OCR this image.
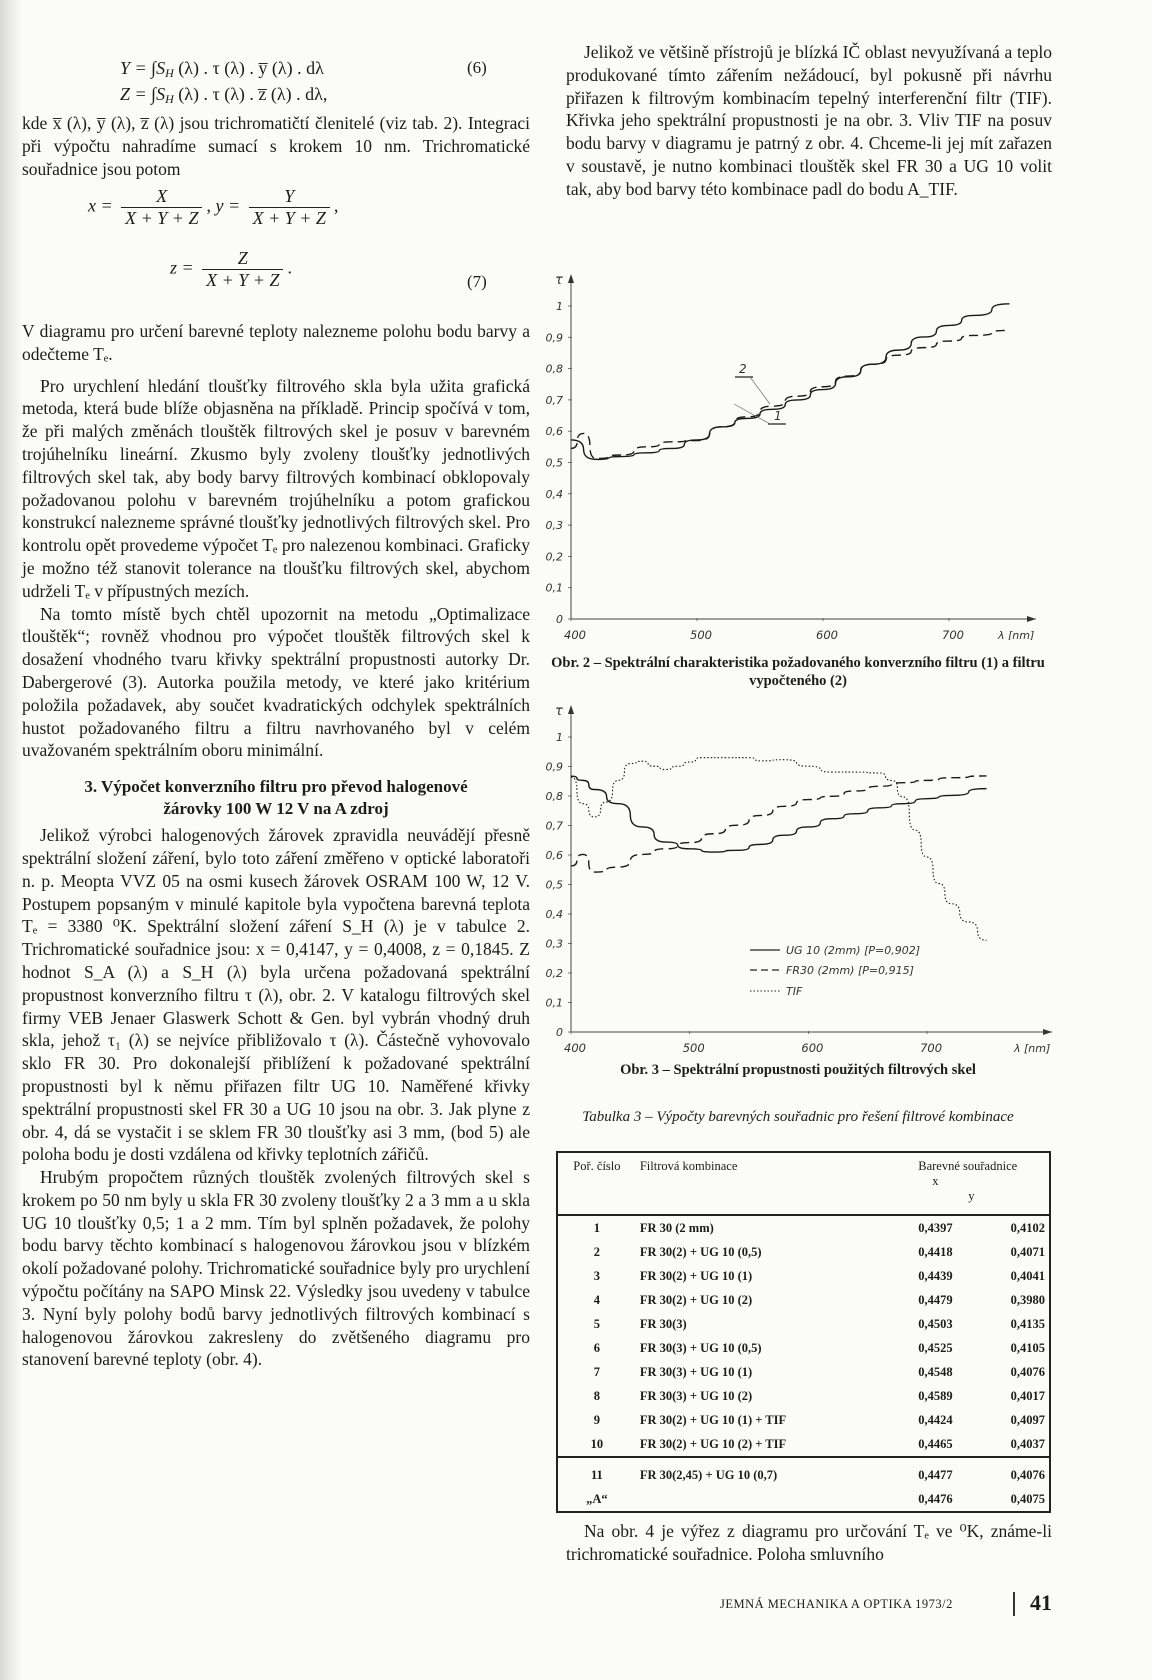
Y = ∫SH (λ) . τ (λ) . y̅ (λ) . dλ	(6)
Z = ∫SH (λ) . τ (λ) . z̅ (λ) . dλ,

kde x̅ (λ), y̅ (λ), z̅ (λ) jsou trichromatičtí členitelé (viz tab. 2). Integraci při výpočtu nahradíme sumací s krokem 10 nm. Trichromatické souřadnice jsou potom

$x = \frac{X}{X + Y + Z}$ , $y = \frac{Y}{X + Y + Z}$ ,
$z = \frac{Z}{X + Y + Z}$ .
(7)

V diagramu pro určení barevné teploty nalezneme polohu bodu barvy a odečteme Tₑ.

Pro urychlení hledání tloušťky filtrového skla byla užita grafická metoda, která bude blíže objasněna na příkladě. Princip spočívá v tom, že při malých změnách tlouštěk filtrových skel je posuv v barevném trojúhelníku lineární. Zkusmo byly zvoleny tloušťky jednotlivých filtrových skel tak, aby body barvy filtrových kombinací obklopovaly požadovanou polohu v barevném trojúhelníku a potom grafickou konstrukcí nalezneme správné tloušťky jednotlivých filtrových skel. Pro kontrolu opět provedeme výpočet Tₑ pro nalezenou kombinaci. Graficky je možno též stanovit tolerance na tloušťku filtrových skel, abychom udrželi Tₑ v přípustných mezích.

Na tomto místě bych chtěl upozornit na metodu „Optimalizace tlouštěk“; rovněž vhodnou pro výpočet tlouštěk filtrových skel k dosažení vhodného tvaru křivky spektrální propustnosti autorky Dr. Dabergerové (3). Autorka použila metody, ve které jako kritérium položila požadavek, aby součet kvadratických odchylek spektrálních hustot požadovaného filtru a filtru navrhovaného byl v celém uvažovaném spektrálním oboru minimální.

3. Výpočet konverzního filtru pro převod halogenové
žárovky 100 W 12 V na A zdroj

Jelikož výrobci halogenových žárovek zpravidla neuvádějí přesně spektrální složení záření, bylo toto záření změřeno v optické laboratoři n. p. Meopta VVZ 05 na osmi kusech žárovek OSRAM 100 W, 12 V. Postupem popsaným v minulé kapitole byla vypočtena barevná teplota Tₑ = 3380 ⁰K. Spektrální složení záření S_H (λ) je v tabulce 2. Trichromatické souřadnice jsou: x = 0,4147, y = 0,4008, z = 0,1845. Z hodnot S_A (λ) a S_H (λ) byla určena požadovaná spektrální propustnost konverzního filtru τ (λ), obr. 2. V katalogu filtrových skel firmy VEB Jenaer Glaswerk Schott & Gen. byl vybrán vhodný druh skla, jehož τ₁ (λ) se nejvíce přibližovalo τ (λ). Částečně vyhovovalo sklo FR 30. Pro dokonalejší přiblížení k požadované spektrální propustnosti byl k němu přiřazen filtr UG 10. Naměřené křivky spektrální propustnosti skel FR 30 a UG 10 jsou na obr. 3. Jak plyne z obr. 4, dá se vystačit i se sklem FR 30 tloušťky asi 3 mm, (bod 5) ale poloha bodu je dosti vzdálena od křivky teplotních zářičů.

Hrubým propočtem různých tlouštěk zvolených filtrových skel s krokem po 50 nm byly u skla FR 30 zvoleny tloušťky 2 a 3 mm a u skla UG 10 tloušťky 0,5; 1 a 2 mm. Tím byl splněn požadavek, že polohy bodu barvy těchto kombinací s halogenovou žárovkou jsou v blízkém okolí požadované polohy. Trichromatické souřadnice byly pro urychlení výpočtu počítány na SAPO Minsk 22. Výsledky jsou uvedeny v tabulce 3. Nyní byly polohy bodů barvy jednotlivých filtrových kombinací s halogenovou žárovkou zakresleny do zvětšeného diagramu pro stanovení barevné teploty (obr. 4).

Jelikož ve většině přístrojů je blízká IČ oblast nevyužívaná a teplo produkované tímto zářením nežádoucí, byl pokusně při návrhu přiřazen k filtrovým kombinacím tepelný interferenční filtr (TIF). Křivka jeho spektrální propustnosti je na obr. 3. Vliv TIF na posuv bodu barvy v diagramu je patrný z obr. 4. Chceme-li jej mít zařazen v soustavě, je nutno kombinaci tlouštěk skel FR 30 a UG 10 volit tak, aby bod barvy této kombinace padl do bodu A_TIF.

0
0,1
0,2
0,3
0,4
0,5
0,6
0,7
0,8
0,9
1
400	500	600	700	λ [nm]
τ
2
1
Obr. 2 – Spektrální charakteristika požadovaného konverzního filtru (1) a filtru vypočteného (2)
0
0,1
0,2
0,3
0,4
0,5
0,6
0,7
0,8
0,9
1
400	500	600	700	λ [nm]
τ
UG 10 (2mm) [P=0,902]
FR30 (2mm) [P=0,915]
TIF
Obr. 3 – Spektrální propustnosti použitých filtrových skel
Tabulka 3 – Výpočty barevných souřadnic pro řešení filtrové kombinace
Poř. číslo	Filtrová kombinace	Barevné souřadnice
x y	
1	FR 30 (2 mm)	0,4397	0,4102
2	FR 30(2) + UG 10 (0,5)	0,4418	0,4071
3	FR 30(2) + UG 10 (1)	0,4439	0,4041
4	FR 30(2) + UG 10 (2)	0,4479	0,3980
5	FR 30(3)	0,4503	0,4135
6	FR 30(3) + UG 10 (0,5)	0,4525	0,4105
7	FR 30(3) + UG 10 (1)	0,4548	0,4076
8	FR 30(3) + UG 10 (2)	0,4589	0,4017
9	FR 30(2) + UG 10 (1) + TIF	0,4424	0,4097
10	FR 30(2) + UG 10 (2) + TIF	0,4465	0,4037
11	FR 30(2,45) + UG 10 (0,7)	0,4477	0,4076
„A“		0,4476	0,4075

Na obr. 4 je výřez z diagramu pro určování Tₑ ve ⁰K, známe-li trichromatické souřadnice. Poloha smluvního

JEMNÁ MECHANIKA A OPTIKA 1973/2	41
